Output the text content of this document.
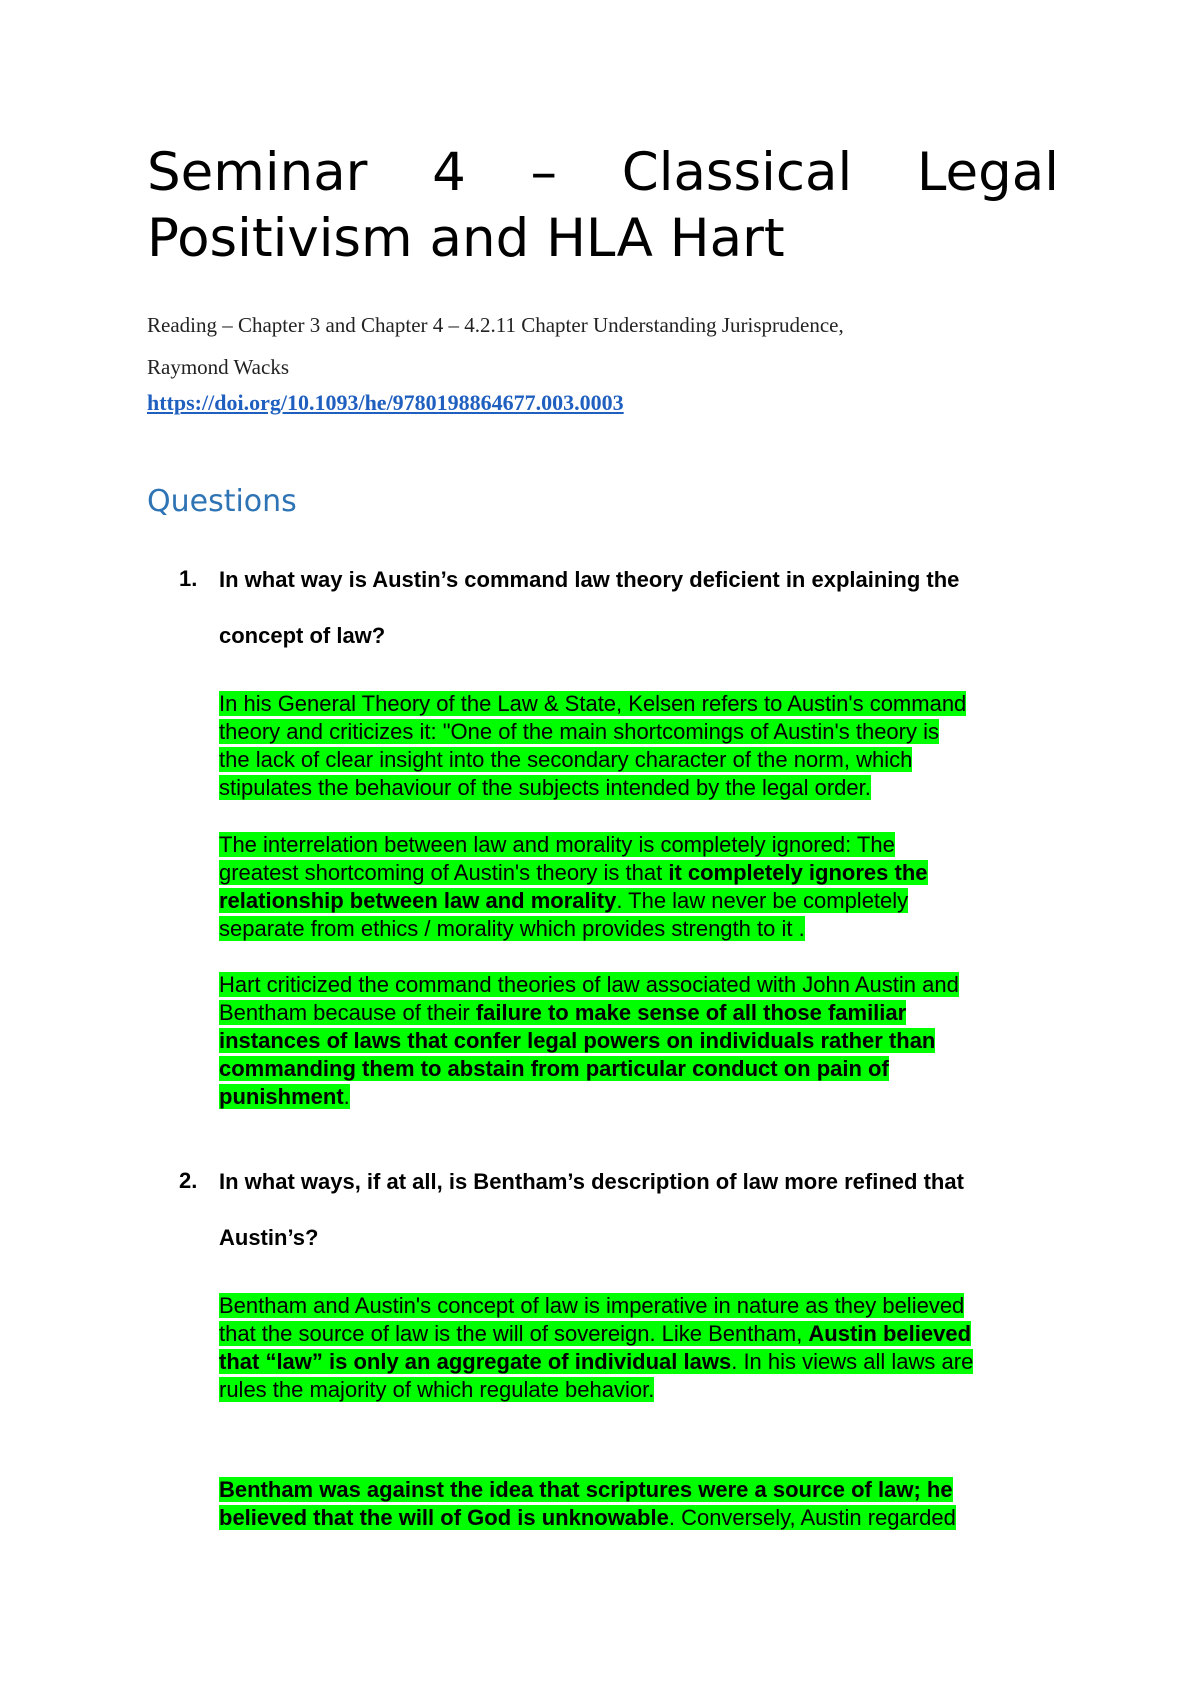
Seminar 4 – Classical Legal
Positivism and HLA Hart
Reading – Chapter 3 and Chapter 4 – 4.2.11 Chapter Understanding Jurisprudence,
Raymond Wacks
https://doi.org/10.1093/he/9780198864677.003.0003
Questions
1. In what way is Austin’s command law theory deficient in explaining the
concept of law?
In his General Theory of the Law & State, Kelsen refers to Austin's command
theory and criticizes it: "One of the main shortcomings of Austin's theory is
the lack of clear insight into the secondary character of the norm, which
stipulates the behaviour of the subjects intended by the legal order.
The interrelation between law and morality is completely ignored: The
greatest shortcoming of Austin's theory is that it completely ignores the
relationship between law and morality. The law never be completely
separate from ethics / morality which provides strength to it .
Hart criticized the command theories of law associated with John Austin and
Bentham because of their failure to make sense of all those familiar
instances of laws that confer legal powers on individuals rather than
commanding them to abstain from particular conduct on pain of
punishment.
2. In what ways, if at all, is Bentham’s description of law more refined that
Austin’s?
Bentham and Austin's concept of law is imperative in nature as they believed
that the source of law is the will of sovereign. Like Bentham, Austin believed
that “law” is only an aggregate of individual laws. In his views all laws are
rules the majority of which regulate behavior.
Bentham was against the idea that scriptures were a source of law; he
believed that the will of God is unknowable. Conversely, Austin regarded
